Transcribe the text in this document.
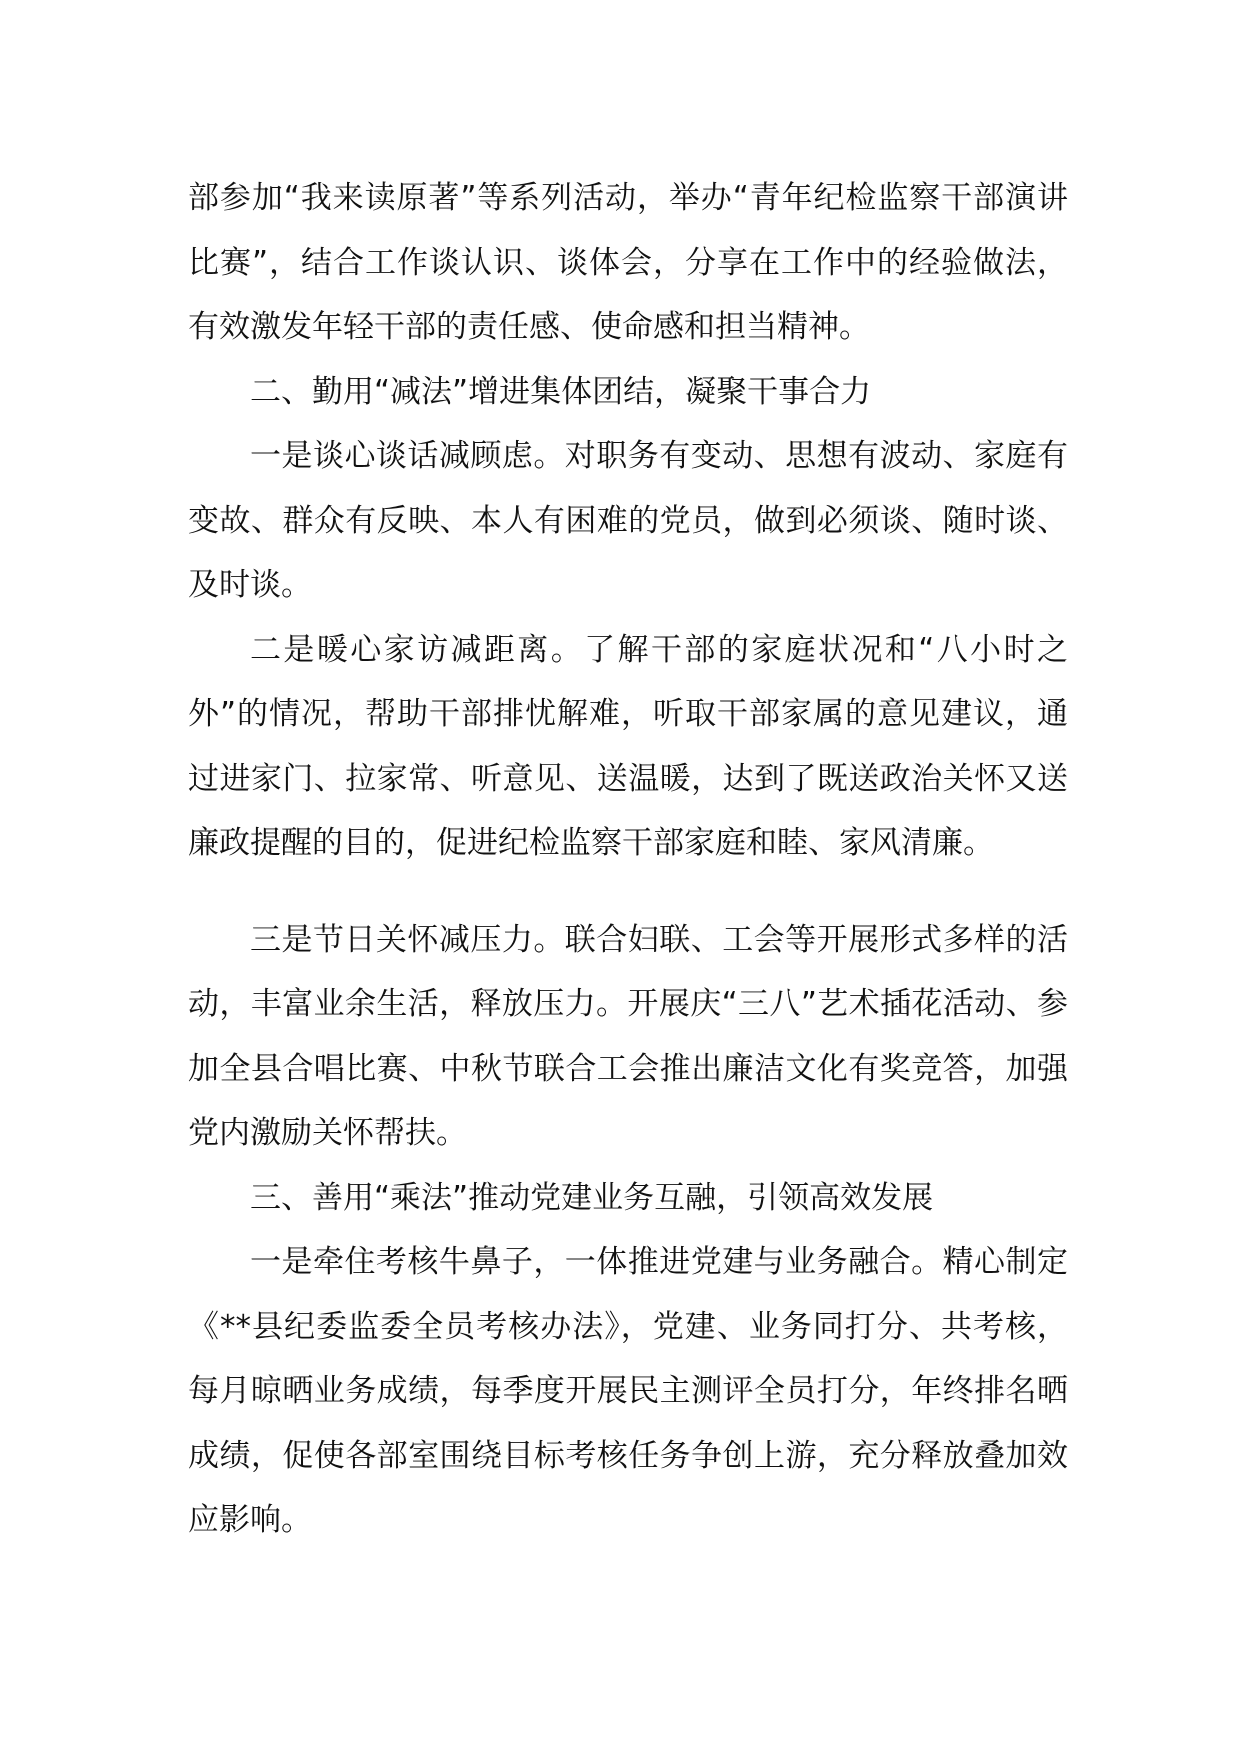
部参加“我来读原著”等系列活动，举办“青年纪检监察干部演讲比赛”，结合工作谈认识、谈体会，分享在工作中的经验做法，有效激发年轻干部的责任感、使命感和担当精神。

二、勤用“减法”增进集体团结，凝聚干事合力

一是谈心谈话减顾虑。对职务有变动、思想有波动、家庭有变故、群众有反映、本人有困难的党员，做到必须谈、随时谈、及时谈。

二是暖心家访减距离。了解干部的家庭状况和“八小时之外”的情况，帮助干部排忧解难，听取干部家属的意见建议，通过进家门、拉家常、听意见、送温暖，达到了既送政治关怀又送廉政提醒的目的，促进纪检监察干部家庭和睦、家风清廉。

三是节日关怀减压力。联合妇联、工会等开展形式多样的活动，丰富业余生活，释放压力。开展庆“三八”艺术插花活动、参加全县合唱比赛、中秋节联合工会推出廉洁文化有奖竞答，加强党内激励关怀帮扶。

三、善用“乘法”推动党建业务互融，引领高效发展

一是牵住考核牛鼻子，一体推进党建与业务融合。精心制定《**县纪委监委全员考核办法》，党建、业务同打分、共考核，每月晾晒业务成绩，每季度开展民主测评全员打分，年终排名晒成绩，促使各部室围绕目标考核任务争创上游，充分释放叠加效应影响。
